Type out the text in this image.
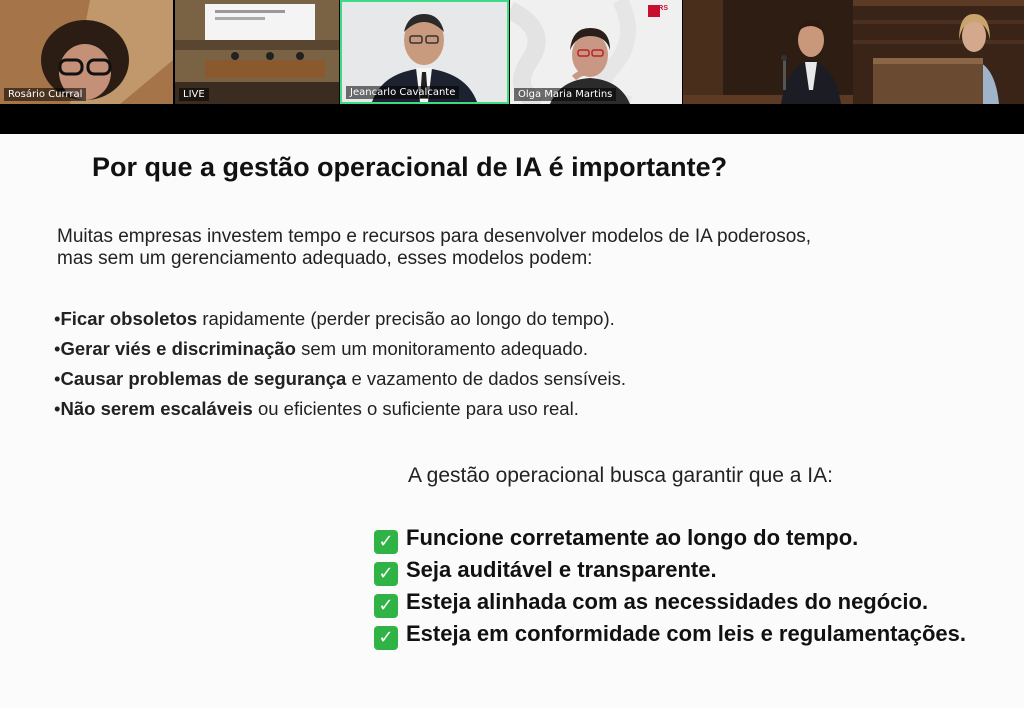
Rosário Currral	LIVE	Jeancarlo Cavalcante	Olga Maria Martins
ERS
Por que a gestão operacional de IA é importante?
Muitas empresas investem tempo e recursos para desenvolver modelos de IA poderosos, mas sem um gerenciamento adequado, esses modelos podem:
•Ficar obsoletos rapidamente (perder precisão ao longo do tempo).
•Gerar viés e discriminação sem um monitoramento adequado.
•Causar problemas de segurança e vazamento de dados sensíveis.
•Não serem escaláveis ou eficientes o suficiente para uso real.
A gestão operacional busca garantir que a IA:
✓ Funcione corretamente ao longo do tempo.
✓ Seja auditável e transparente.
✓ Esteja alinhada com as necessidades do negócio.
✓ Esteja em conformidade com leis e regulamentações.
